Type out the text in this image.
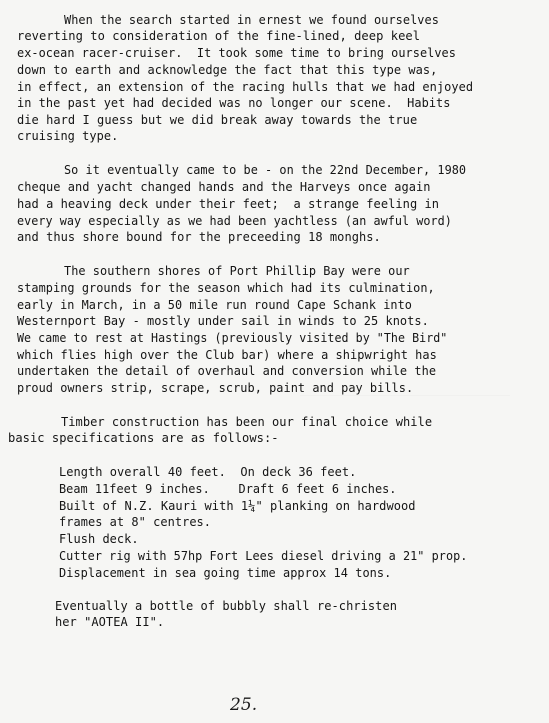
When the search started in ernest we found ourselves
reverting to consideration of the fine-lined, deep keel
ex-ocean racer-cruiser.  It took some time to bring ourselves
down to earth and acknowledge the fact that this type was,
in effect, an extension of the racing hulls that we had enjoyed
in the past yet had decided was no longer our scene.  Habits
die hard I guess but we did break away towards the true
cruising type.
So it eventually came to be - on the 22nd December, 1980
cheque and yacht changed hands and the Harveys once again
had a heaving deck under their feet;  a strange feeling in
every way especially as we had been yachtless (an awful word)
and thus shore bound for the preceeding 18 monghs.
The southern shores of Port Phillip Bay were our
stamping grounds for the season which had its culmination,
early in March, in a 50 mile run round Cape Schank into
Westernport Bay - mostly under sail in winds to 25 knots.
We came to rest at Hastings (previously visited by "The Bird"
which flies high over the Club bar) where a shipwright has
undertaken the detail of overhaul and conversion while the
proud owners strip, scrape, scrub, paint and pay bills.
Timber construction has been our final choice while
basic specifications are as follows:-
Length overall 40 feet.  On deck 36 feet.
Beam 11feet 9 inches.    Draft 6 feet 6 inches.
Built of N.Z. Kauri with 1¼" planking on hardwood
frames at 8" centres.
Flush deck.
Cutter rig with 57hp Fort Lees diesel driving a 21" prop.
Displacement in sea going time approx 14 tons.
Eventually a bottle of bubbly shall re-christen
her "AOTEA II".
25.
